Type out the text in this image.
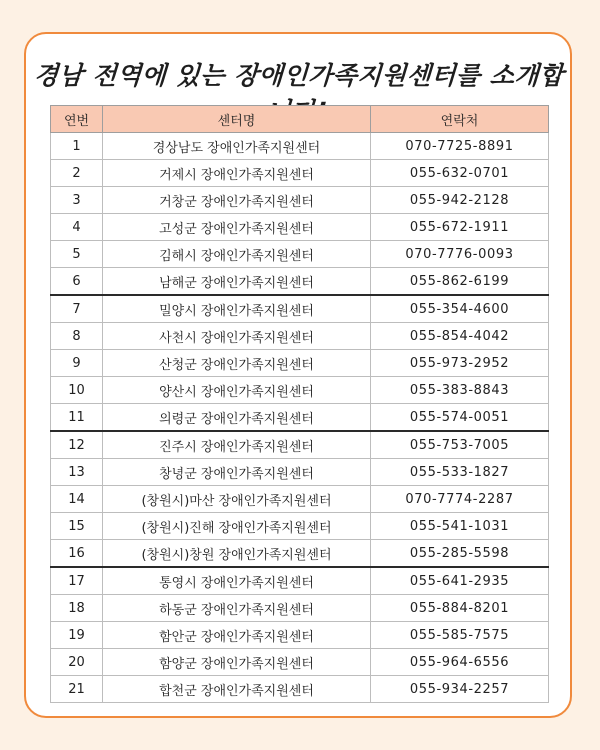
경남 전역에 있는 장애인가족지원센터를 소개합니다!
연번	센터명	연락처
1	경상남도 장애인가족지원센터	070-7725-8891
2	거제시 장애인가족지원센터	055-632-0701
3	거창군 장애인가족지원센터	055-942-2128
4	고성군 장애인가족지원센터	055-672-1911
5	김해시 장애인가족지원센터	070-7776-0093
6	남해군 장애인가족지원센터	055-862-6199
7	밀양시 장애인가족지원센터	055-354-4600
8	사천시 장애인가족지원센터	055-854-4042
9	산청군 장애인가족지원센터	055-973-2952
10	양산시 장애인가족지원센터	055-383-8843
11	의령군 장애인가족지원센터	055-574-0051
12	진주시 장애인가족지원센터	055-753-7005
13	창녕군 장애인가족지원센터	055-533-1827
14	(창원시)마산 장애인가족지원센터	070-7774-2287
15	(창원시)진해 장애인가족지원센터	055-541-1031
16	(창원시)창원 장애인가족지원센터	055-285-5598
17	통영시 장애인가족지원센터	055-641-2935
18	하동군 장애인가족지원센터	055-884-8201
19	함안군 장애인가족지원센터	055-585-7575
20	함양군 장애인가족지원센터	055-964-6556
21	합천군 장애인가족지원센터	055-934-2257
